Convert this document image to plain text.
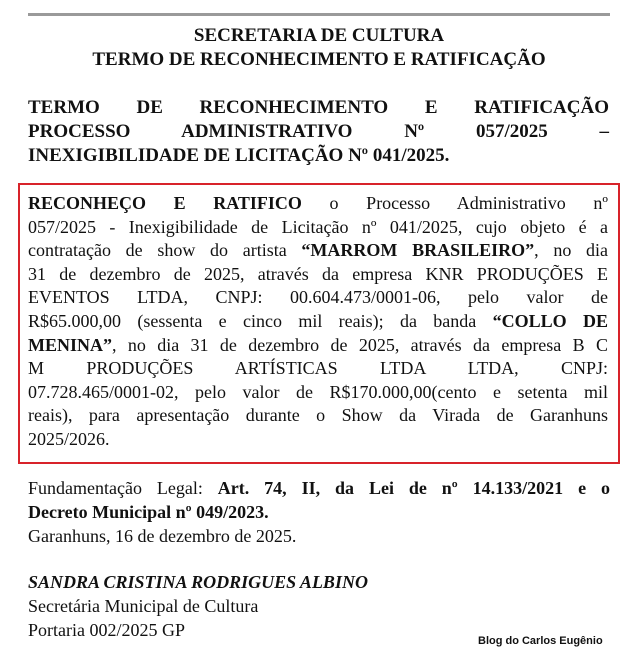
SECRETARIA DE CULTURA
TERMO DE RECONHECIMENTO E RATIFICAÇÃO
TERMO DE RECONHECIMENTO E RATIFICAÇÃO
PROCESSO ADMINISTRATIVO Nº 057/2025 –
INEXIGIBILIDADE DE LICITAÇÃO Nº 041/2025.
RECONHEÇO E RATIFICO o Processo Administrativo nº
057/2025 - Inexigibilidade de Licitação nº 041/2025, cujo objeto é a
contratação de show do artista “MARROM BRASILEIRO”, no dia
31 de dezembro de 2025, através da empresa KNR PRODUÇÕES E
EVENTOS LTDA, CNPJ: 00.604.473/0001-06, pelo valor de
R$65.000,00 (sessenta e cinco mil reais); da banda “COLLO DE
MENINA”, no dia 31 de dezembro de 2025, através da empresa B C
M PRODUÇÕES ARTÍSTICAS LTDA LTDA, CNPJ:
07.728.465/0001-02, pelo valor de R$170.000,00(cento e setenta mil
reais), para apresentação durante o Show da Virada de Garanhuns
2025/2026.
Fundamentação Legal: Art. 74, II, da Lei de nº 14.133/2021 e o
Decreto Municipal nº 049/2023.
Garanhuns, 16 de dezembro de 2025.
SANDRA CRISTINA RODRIGUES ALBINO
Secretária Municipal de Cultura
Portaria 002/2025 GP
Blog do Carlos Eugênio
